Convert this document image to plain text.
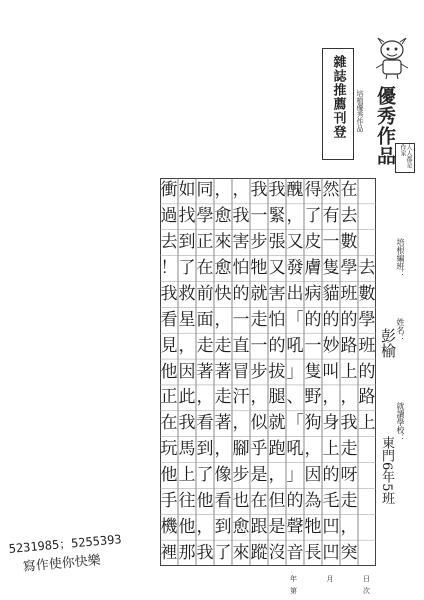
雜誌推薦刊登 培植優秀作品 優秀作品	人人都是作家
培根編班：
姓名：
彭榆
就讀學校：
東門6年5班
去
數
學
班
的
路
上
在
去
數
學
班
的
路
上
，
我
走
呀
走
，
突
然
有
一
隻
貓
的
妙
叫
，
身
上
的
毛
凹
凹
得
了
皮
膚
病
的
一
隻
野
狗
，
因
為
牠
長
醜
，
又
發
出
「
吼
」
、
「
吼
」
的
聲
音
我
緊
張
又
害
怕
的
拔
腿
就
跑
，
但
是
沒
我
一
步
牠
就
走
一
步
，
似
乎
是
在
跟
蹤
，
我
害
怕
的
一
直
冒
汗
，
腳
步
也
愈
來
，
愈
來
愈
快
，
走
著
走
著
，
像
看
到
了
同
學
正
在
前
面
走
著
，
看
到
了
他
，
我
如
找
到
了
救
星
，
因
此
我
馬
上
往
他
那
衝
過
去
！
我
看
見
他
正
在
玩
他
手
機
裡
5231985；5255393
寫作使你快樂
年	月	日
第	次
